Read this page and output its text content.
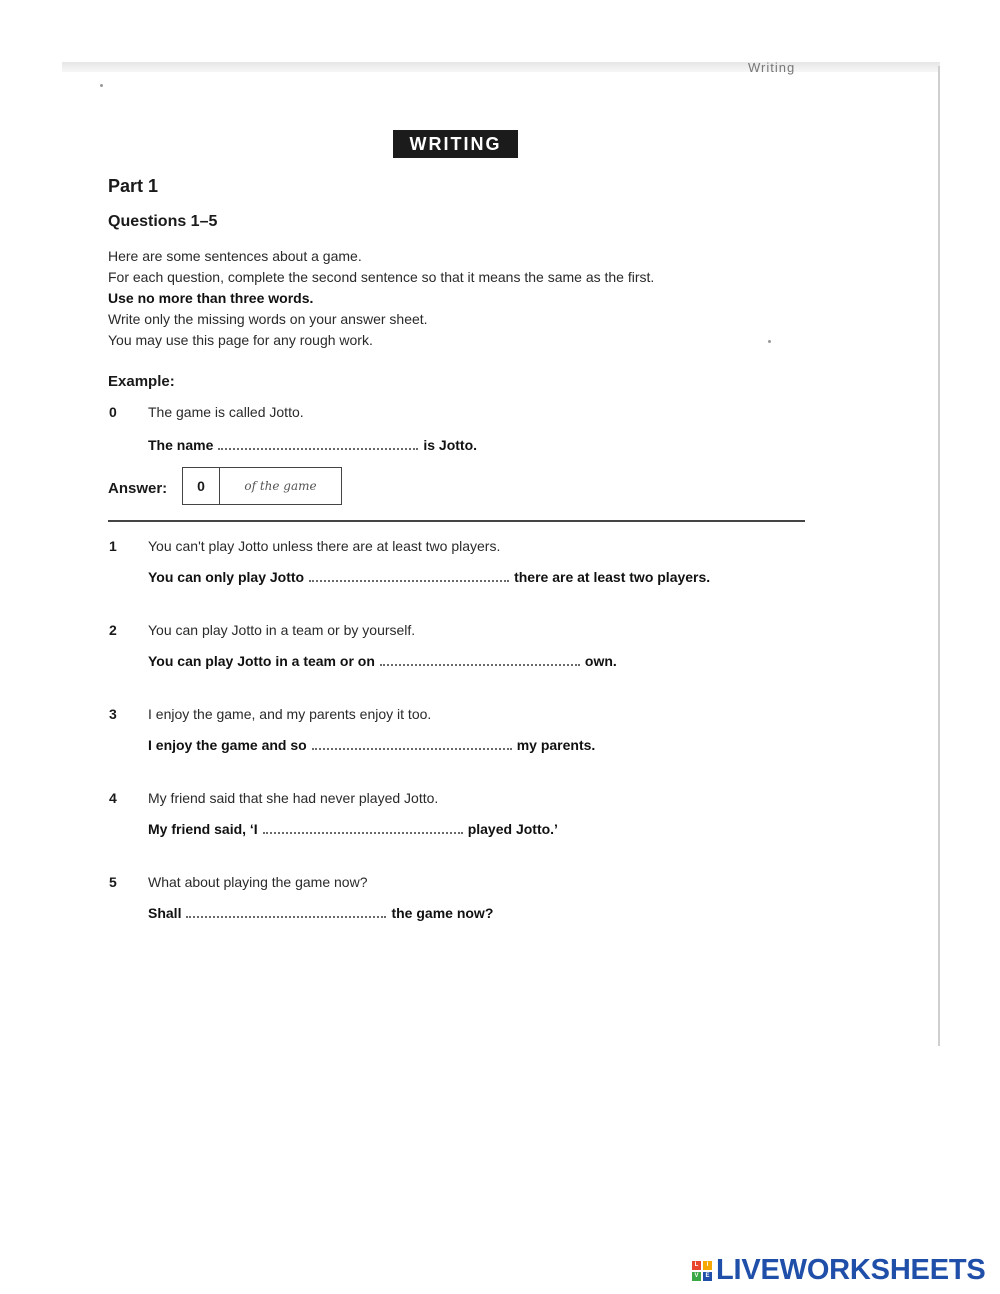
Writing
WRITING
Part 1
Questions 1–5
Here are some sentences about a game.
For each question, complete the second sentence so that it means the same as the first.
Use no more than three words.
Write only the missing words on your answer sheet.
You may use this page for any rough work.
Example:
0 The game is called Jotto.
The name	is Jotto.
Answer:	0	of the game
1 You can't play Jotto unless there are at least two players.
You can only play Jotto	there are at least two players.
2 You can play Jotto in a team or by yourself.
You can play Jotto in a team or on	own.
3 I enjoy the game, and my parents enjoy it too.
I enjoy the game and so	my parents.
4 My friend said that she had never played Jotto.
My friend said, ‘I	played Jotto.’
5 What about playing the game now?
Shall	the game now?
L	I
V	E LIVEWORKSHEETS
